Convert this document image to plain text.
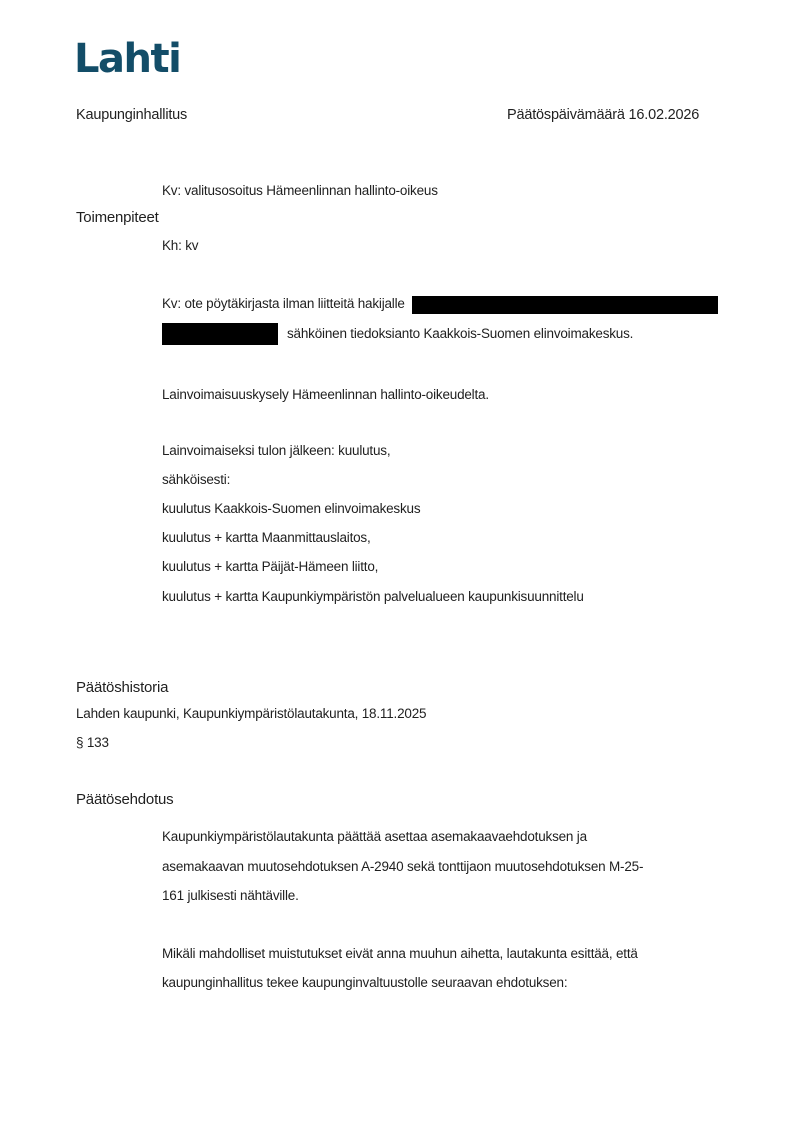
Lahti
Kaupunginhallitus	Päätöspäivämäärä 16.02.2026
Kv: valitusosoitus Hämeenlinnan hallinto-oikeus
Toimenpiteet
Kh: kv
Kv: ote pöytäkirjasta ilman liitteitä hakijalle
sähköinen tiedoksianto Kaakkois-Suomen elinvoimakeskus.
Lainvoimaisuuskysely Hämeenlinnan hallinto-oikeudelta.
Lainvoimaiseksi tulon jälkeen: kuulutus,
sähköisesti:
kuulutus Kaakkois-Suomen elinvoimakeskus
kuulutus + kartta Maanmittauslaitos,
kuulutus + kartta Päijät-Hämeen liitto,
kuulutus + kartta Kaupunkiympäristön palvelualueen kaupunkisuunnittelu
Päätöshistoria
Lahden kaupunki, Kaupunkiympäristölautakunta, 18.11.2025
§ 133
Päätösehdotus
Kaupunkiympäristölautakunta päättää asettaa asemakaavaehdotuksen ja
asemakaavan muutosehdotuksen A-2940 sekä tonttijaon muutosehdotuksen M-25-
161 julkisesti nähtäville.
Mikäli mahdolliset muistutukset eivät anna muuhun aihetta, lautakunta esittää, että
kaupunginhallitus tekee kaupunginvaltuustolle seuraavan ehdotuksen:
